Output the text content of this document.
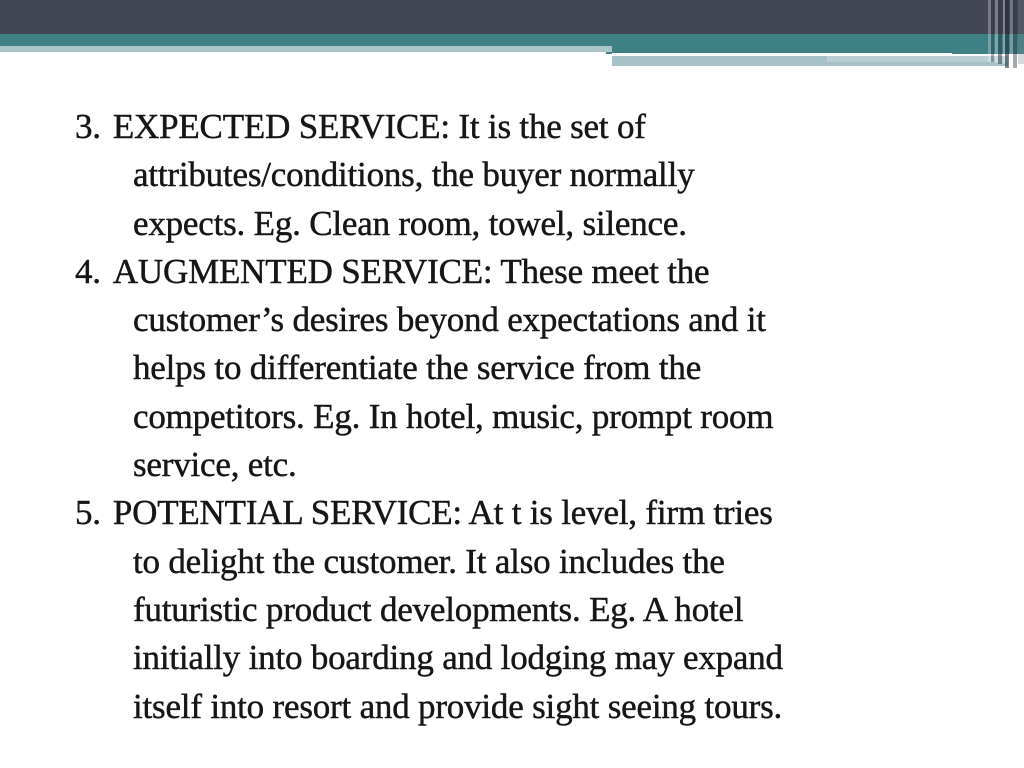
3. EXPECTED SERVICE: It is the set of
attributes/conditions, the buyer normally
expects. Eg. Clean room, towel, silence.
4. AUGMENTED SERVICE: These meet the
customer’s desires beyond expectations and it
helps to differentiate the service from the
competitors. Eg. In hotel, music, prompt room
service, etc.
5. POTENTIAL SERVICE: At t is level, firm tries
to delight the customer. It also includes the
futuristic product developments. Eg. A hotel
initially into boarding and lodging may expand
itself into resort and provide sight seeing tours.
